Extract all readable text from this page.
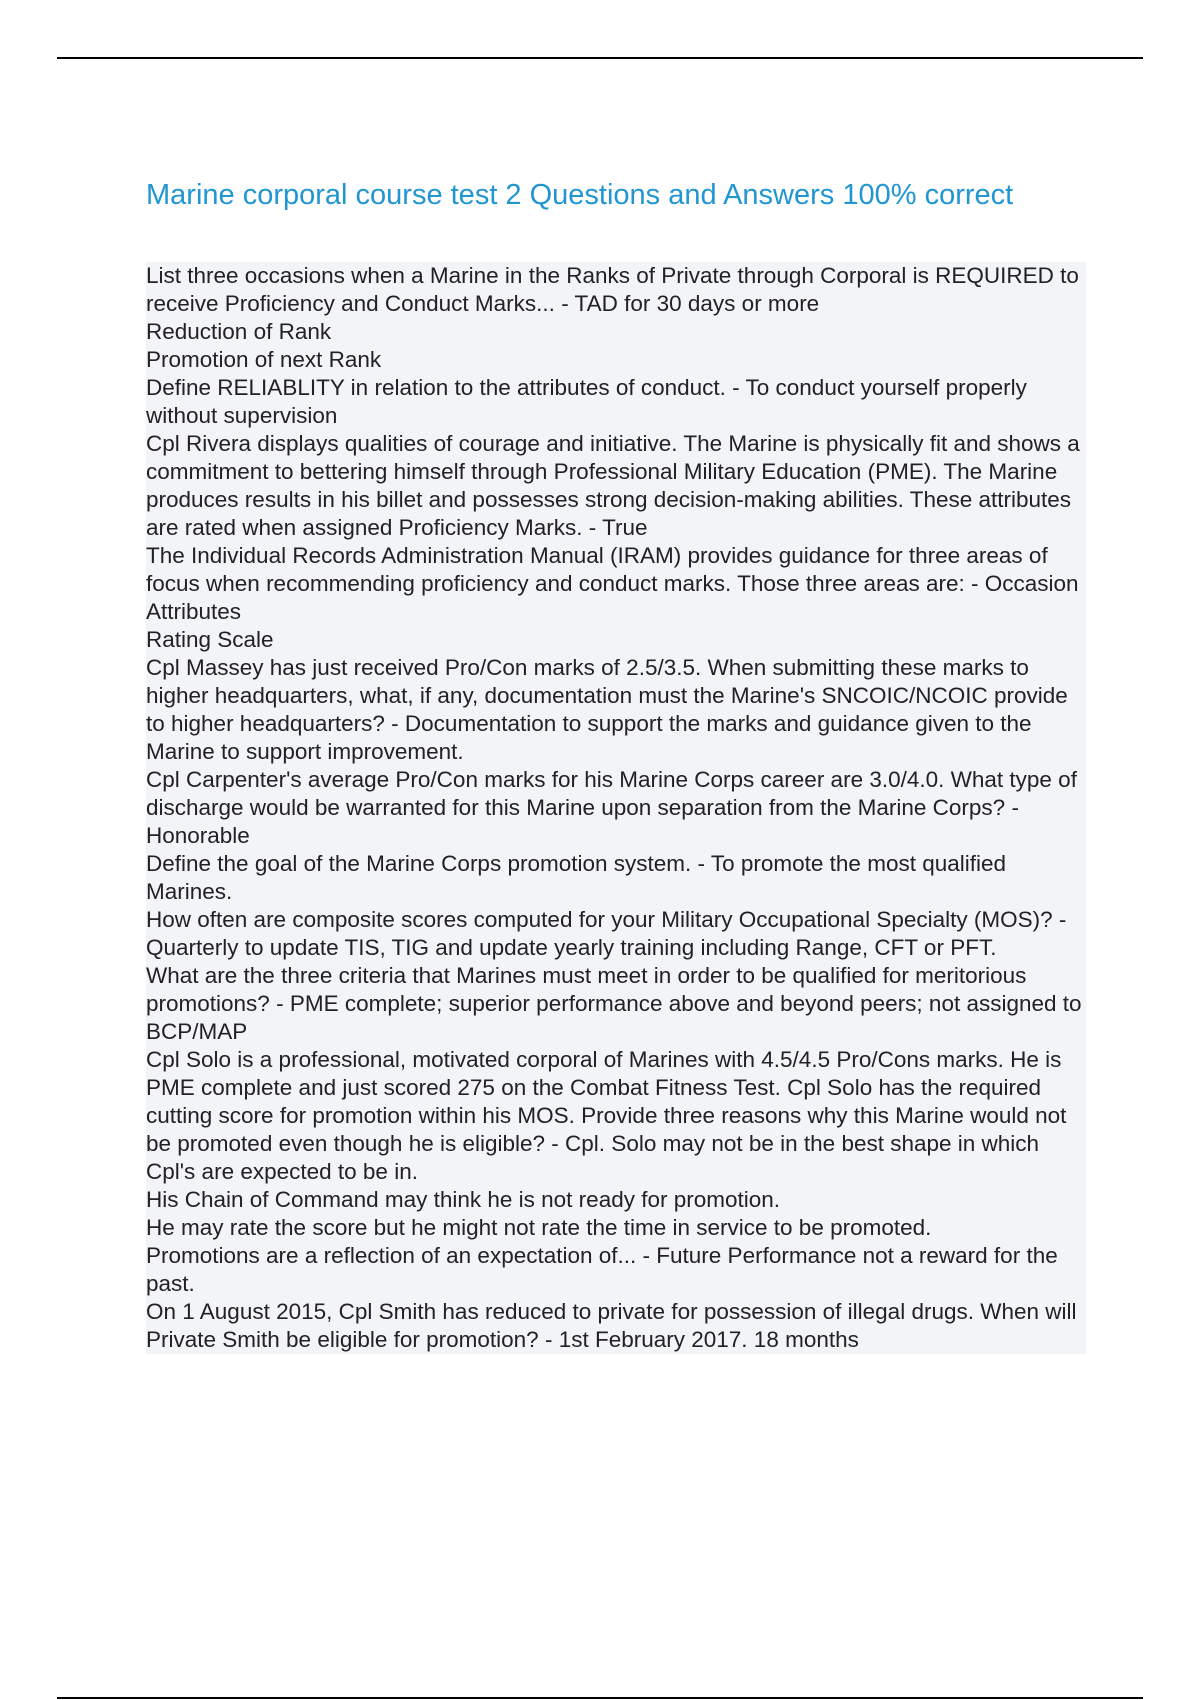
Marine corporal course test 2 Questions and Answers 100% correct
List three occasions when a Marine in the Ranks of Private through Corporal is REQUIRED to receive Proficiency and Conduct Marks... - TAD for 30 days or more
Reduction of Rank
Promotion of next Rank
Define RELIABLITY in relation to the attributes of conduct. - To conduct yourself properly without supervision
Cpl Rivera displays qualities of courage and initiative. The Marine is physically fit and shows a commitment to bettering himself through Professional Military Education (PME). The Marine produces results in his billet and possesses strong decision-making abilities. These attributes are rated when assigned Proficiency Marks. - True
The Individual Records Administration Manual (IRAM) provides guidance for three areas of focus when recommending proficiency and conduct marks. Those three areas are: - Occasion
Attributes
Rating Scale
Cpl Massey has just received Pro/Con marks of 2.5/3.5. When submitting these marks to higher headquarters, what, if any, documentation must the Marine's SNCOIC/NCOIC provide to higher headquarters? - Documentation to support the marks and guidance given to the Marine to support improvement.
Cpl Carpenter's average Pro/Con marks for his Marine Corps career are 3.0/4.0. What type of discharge would be warranted for this Marine upon separation from the Marine Corps? - Honorable
Define the goal of the Marine Corps promotion system. - To promote the most qualified Marines.
How often are composite scores computed for your Military Occupational Specialty (MOS)? - Quarterly to update TIS, TIG and update yearly training including Range, CFT or PFT.
What are the three criteria that Marines must meet in order to be qualified for meritorious promotions? - PME complete; superior performance above and beyond peers; not assigned to BCP/MAP
Cpl Solo is a professional, motivated corporal of Marines with 4.5/4.5 Pro/Cons marks. He is PME complete and just scored 275 on the Combat Fitness Test. Cpl Solo has the required cutting score for promotion within his MOS. Provide three reasons why this Marine would not be promoted even though he is eligible? - Cpl. Solo may not be in the best shape in which Cpl's are expected to be in.
His Chain of Command may think he is not ready for promotion.
He may rate the score but he might not rate the time in service to be promoted.
Promotions are a reflection of an expectation of... - Future Performance not a reward for the past.
On 1 August 2015, Cpl Smith has reduced to private for possession of illegal drugs. When will Private Smith be eligible for promotion? - 1st February 2017. 18 months
